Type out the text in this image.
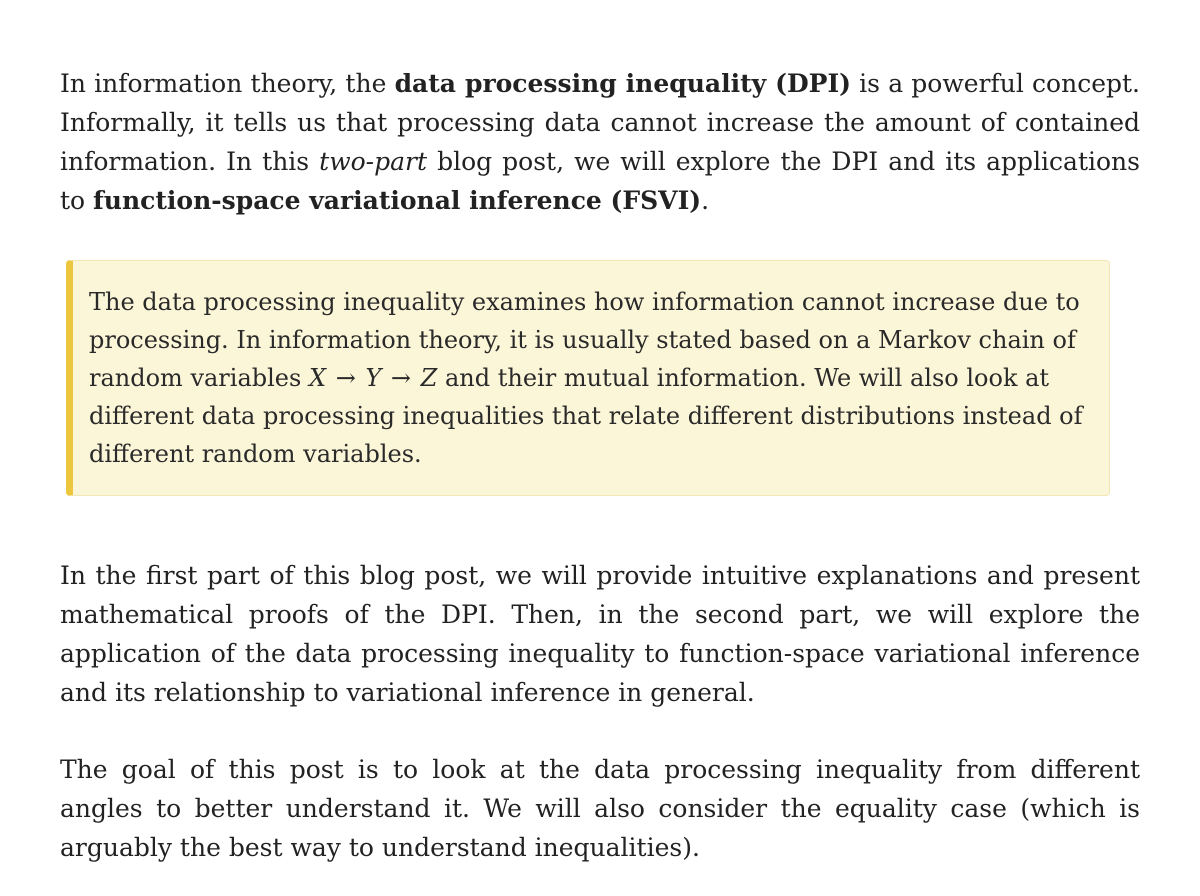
In information theory, the data processing inequality (DPI) is a powerful concept. Informally, it tells us that processing data cannot increase the amount of contained information. In this two-part blog post, we will explore the DPI and its applications to function-space variational inference (FSVI).

The data processing inequality examines how information cannot increase due to processing. In information theory, it is usually stated based on a Markov chain of random variables X → Y → Z and their mutual information. We will also look at different data processing inequalities that relate different distributions instead of different random variables.

In the first part of this blog post, we will provide intuitive explanations and present mathematical proofs of the DPI. Then, in the second part, we will explore the application of the data processing inequality to function-space variational inference and its relationship to variational inference in general.

The goal of this post is to look at the data processing inequality from different angles to better understand it. We will also consider the equality case (which is arguably the best way to understand inequalities).
